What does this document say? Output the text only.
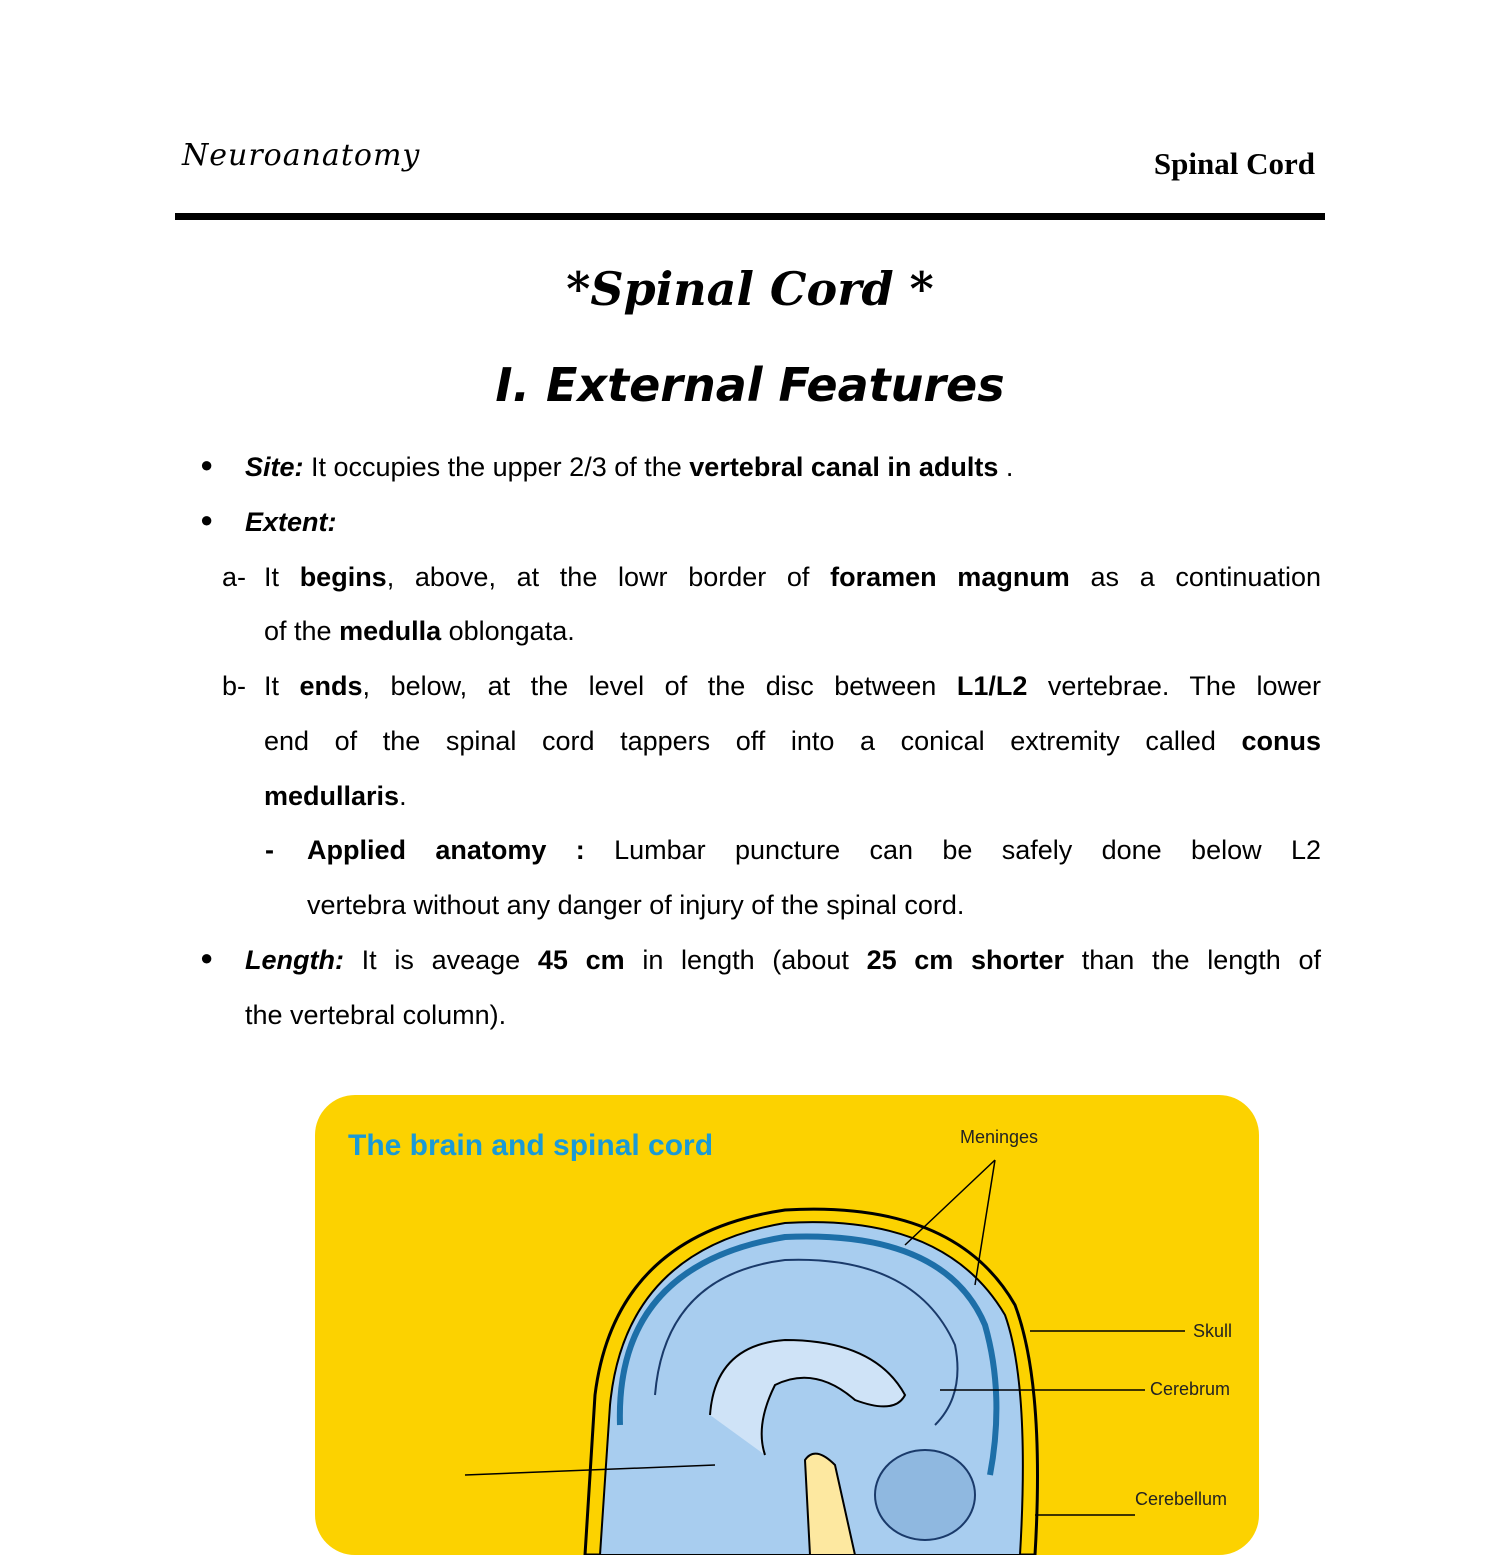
Neuroanatomy	Spinal Cord
*Spinal Cord *
I. External Features
● Site: It occupies the upper 2/3 of the vertebral canal in adults .
● Extent:
a- It begins, above, at the lowr border of foramen magnum as a continuation
of the medulla oblongata.
b- It ends, below, at the level of the disc between L1/L2 vertebrae. The lower
end of the spinal cord tappers off into a conical extremity called conus
medullaris.
- Applied anatomy : Lumbar puncture can be safely done below L2
vertebra without any danger of injury of the spinal cord.
● Length: It is aveage 45 cm in length (about 25 cm shorter than the length of
the vertebral column).
The brain and spinal cord	Meninges
Skull
Cerebrum
Cerebellum
